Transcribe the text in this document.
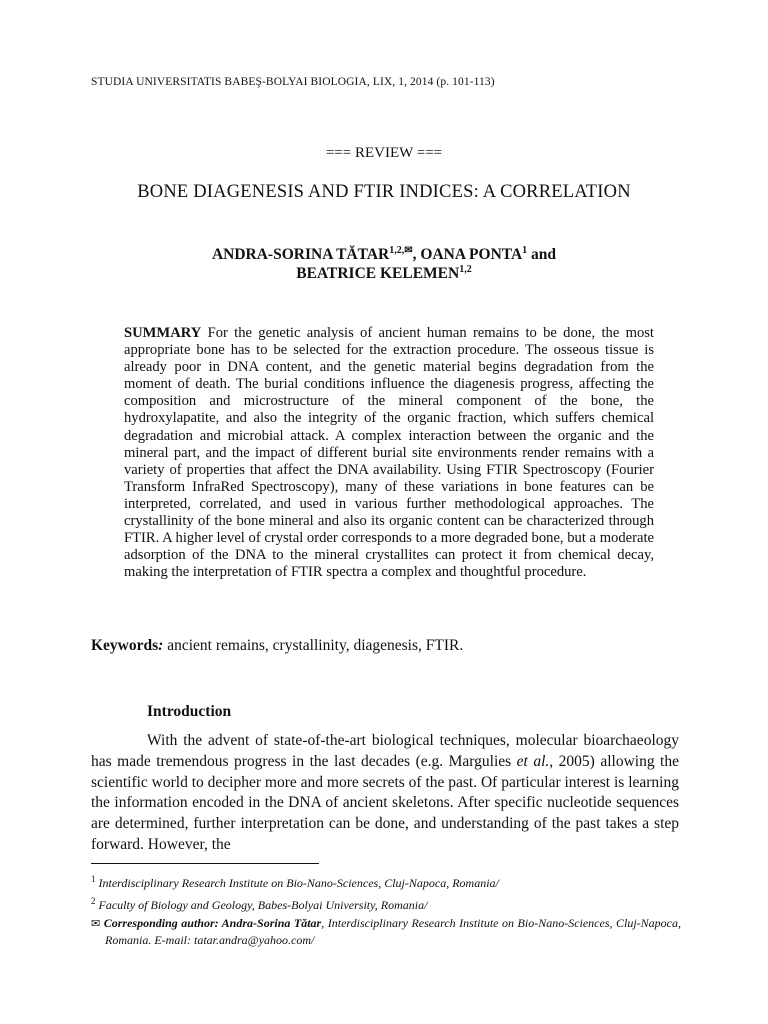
STUDIA UNIVERSITATIS BABEŞ-BOLYAI BIOLOGIA, LIX, 1, 2014 (p. 101-113)
=== REVIEW ===
BONE DIAGENESIS AND FTIR INDICES: A CORRELATION
ANDRA-SORINA $TĂTAR^{1,2,✉}$, OANA PONTA$^1$ and
BEATRICE KELEMEN$^{1,2}$
SUMMARY For the genetic analysis of ancient human remains to be done, the most appropriate bone has to be selected for the extraction procedure. The osseous tissue is already poor in DNA content, and the genetic material begins degradation from the moment of death. The burial conditions influence the diagenesis progress, affecting the composition and microstructure of the mineral component of the bone, the hydroxylapatite, and also the integrity of the organic fraction, which suffers chemical degradation and microbial attack. A complex interaction between the organic and the mineral part, and the impact of different burial site environments render remains with a variety of properties that affect the DNA availability. Using FTIR Spectroscopy (Fourier Transform InfraRed Spectroscopy), many of these variations in bone features can be interpreted, correlated, and used in various further methodological approaches. The crystallinity of the bone mineral and also its organic content can be characterized through FTIR. A higher level of crystal order corresponds to a more degraded bone, but a moderate adsorption of the DNA to the mineral crystallites can protect it from chemical decay, making the interpretation of FTIR spectra a complex and thoughtful procedure.
Keywords: ancient remains, crystallinity, diagenesis, FTIR.
Introduction

With the advent of state-of-the-art biological techniques, molecular bioarchaeology has made tremendous progress in the last decades (e.g. Margulies et al., 2005) allowing the scientific world to decipher more and more secrets of the past. Of particular interest is learning the information encoded in the DNA of ancient skeletons. After specific nucleotide sequences are determined, further interpretation can be done, and understanding of the past takes a step forward. However, the

$^1$ Interdisciplinary Research Institute on Bio-Nano-Sciences, Cluj-Napoca, Romania/
$^2$ Faculty of Biology and Geology, Babes-Bolyai University, Romania/
✉ Corresponding author: Andra-Sorina Tătar, Interdisciplinary Research Institute on Bio-Nano-Sciences, Cluj-Napoca, Romania. E-mail: tatar.andra@yahoo.com/
